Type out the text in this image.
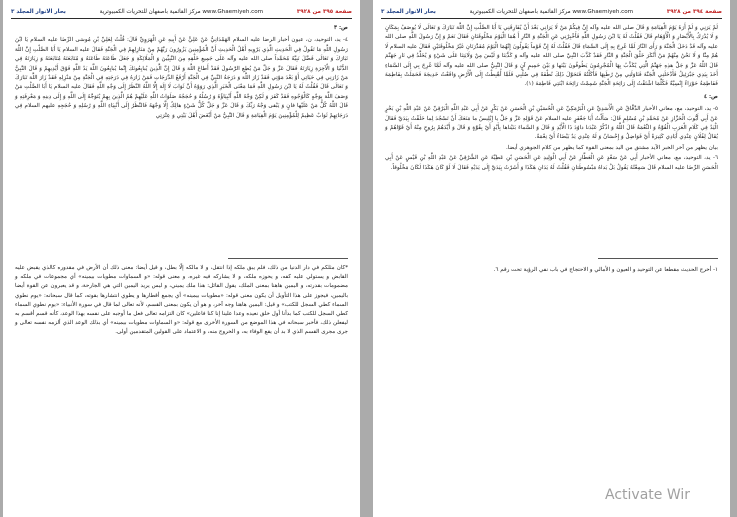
صفحة ٣٩٥ من ٣٩٢٨
www.Ghaemiyeh.com مركز القائمية باصفهان للتحريات الكمبيوترية
بحار الانوار المجلد ٣

ص: ٣

٤- يد، التوحيد، ن، عيون أخبار الرضا عليه السلام الهَمْدَانِيُّ عَنْ عَلِيٍّ عَنْ أَبِيهِ عَنِ الْهَرَوِيِّ قَالَ: قُلْتُ لِعَلِيِّ بْنِ مُوسَى الرِّضَا عليه السلام يَا ابْنَ رَسُولِ اللَّهِ مَا تَقُولُ فِي الْحَدِيثِ الَّذِي يَرْوِيهِ أَهْلُ الْحَدِيثِ أَنَّ الْمُؤْمِنِينَ يَزُورُونَ رَبَّهُمْ مِنْ مَنَازِلِهِمْ فِي الْجَنَّةِ فَقَالَ عليه السلام يَا أَبَا الصَّلْتِ إِنَّ اللَّهَ تَبَارَكَ وَ تَعَالَى فَضَّلَ نَبِيَّهُ مُحَمَّداً صلى الله عليه وآله عَلَى جَمِيعِ خَلْقِهِ مِنَ النَّبِيِّينَ وَ الْمَلَائِكَةِ وَ جَعَلَ طَاعَتَهُ طَاعَتَهُ وَ مُتَابَعَتَهُ مُتَابَعَتَهُ وَ زِيَارَتَهُ فِي الدُّنْيَا وَ الْآخِرَةِ زِيَارَتَهُ فَقَالَ عَزَّ وَ جَلَّ مَنْ يُطِعِ الرَّسُولَ فَقَدْ أَطاعَ اللَّهَ وَ قَالَ إِنَّ الَّذِينَ يُبايِعُونَكَ إِنَّما يُبايِعُونَ اللَّهَ يَدُ اللَّهِ فَوْقَ أَيْدِيهِمْ وَ قَالَ النَّبِيُّ مَنْ زَارَنِي فِي حَيَاتِي أَوْ بَعْدَ مَوْتِي فَقَدْ زَارَ اللَّهَ وَ دَرَجَةُ النَّبِيِّ فِي الْجَنَّةِ أَرْفَعُ الدَّرَجَاتِ فَمَنْ زَارَهُ فِي دَرَجَتِهِ فِي الْجَنَّةِ مِنْ مَنْزِلِهِ فَقَدْ زَارَ اللَّهَ تَبَارَكَ وَ تَعَالَى قَالَ فَقُلْتُ لَهُ يَا ابْنَ رَسُولِ اللَّهِ فَمَا مَعْنَى الْخَبَرِ الَّذِي رَوَوْهُ أَنَّ ثَوَابَ لَا إِلَهَ إِلَّا اللَّهُ النَّظَرُ إِلَى وَجْهِ اللَّهِ فَقَالَ عليه السلام يَا أَبَا الصَّلْتِ مَنْ وَصَفَ اللَّهَ بِوَجْهٍ كَالْوُجُوهِ فَقَدْ كَفَرَ وَ لَكِنْ وَجْهُ اللَّهِ أَنْبِيَاؤُهُ وَ رُسُلُهُ وَ حُجَجُهُ صَلَوَاتُ اللَّهِ عَلَيْهِمْ هُمُ الَّذِينَ بِهِمْ يُتَوَجَّهُ إِلَى اللَّهِ وَ إِلَى دِينِهِ وَ مَعْرِفَتِهِ وَ قَالَ اللَّهُ كُلُّ مَنْ عَلَيْها فانٍ وَ يَبْقى وَجْهُ رَبِّكَ وَ قَالَ عَزَّ وَ جَلَّ كُلُّ شَيْءٍ هالِكٌ إِلَّا وَجْهَهُ فَالنَّظَرُ إِلَى أَنْبِيَاءِ اللَّهِ وَ رُسُلِهِ وَ حُجَجِهِ عليهم السلام فِي دَرَجَاتِهِمْ ثَوَابٌ عَظِيمٌ لِلْمُؤْمِنِينَ يَوْمَ الْقِيَامَةِ وَ قَالَ النَّبِيُّ مَنْ أَبْغَضَ أَهْلَ بَيْتِي وَ عِتْرَتِي

*كان مثلكم في دار الدنيا من ذلك، فلم يبق ملكه إذا انتقل، و لا مالكه إلّا بطل، و قيل أيضا: معنى ذلك أن الأرض في مقدوره كالذي يقبض عليه القابض و يستولي عليه كفه، و يحوزه ملكه، و لا يشاركه فيه غيره، و معنى قوله: «و السماوات مطويات بيمينه» أي مجموعات في ملكه و مضمومات بقدرته، و اليمين هاهنا بمعنى الملك، يقول القائل: هذا ملك يميني، و ليس يريد اليمين التي هي الجارحة، و قد يعبرون عن القوة أيضا باليمين، فيجوز على هذا التأويل أن يكون معنى قوله: «مطويات بيمينه» أي يجمع أقطارها و يطوي انتشارها بقوته، كما قال سبحانه: «يوم نطوي السماء كطي السجل للكتب» و قيل: اليمين هاهنا وجه آخر، و هو أن يكون بمعنى القسم، لأنه تعالى لما قال في سورة الأنبياء: «يوم نطوي السماء كطي السجل للكتب كما بدأنا أول خلق نعيده وعدا علينا إنا كنا فاعلين» كان التزامه تعالى فعل ما أوجبه على نفسه بهذا الوعد، كأنه قسم أقسم به ليفعلن ذلك، فأخبر سبحانه في هذا الموضع من السورة الأخرى مع قوله: «و السماوات مطويات بيمينه» أي بذلك الوعد الذي ألزمه نفسه تعالى و جرى مجرى القسم الذي لا بد أن يقع الوفاء به، و الخروج منه، و الاعتماد على القولين المتقدمين أولى.
صفحة ٣٩٤ من ٣٩٢٨
www.Ghaemiyeh.com مركز القائمية باصفهان للتحريات الكمبيوترية
بحار الانوار المجلد ٣

لَمْ يَرَنِي وَ لَمْ أَرَهُ يَوْمَ الْقِيَامَةِ وَ قَالَ صلى الله عليه وآله إِنَّ فِيكُمْ مَنْ لَا يَرَانِي بَعْدَ أَنْ يُفَارِقَنِي يَا أَبَا الصَّلْتِ إِنَّ اللَّهَ تَبَارَكَ وَ تَعَالَى لَا يُوصَفُ بِمَكَانٍ وَ لَا يُدْرَكُ بِالْأَبْصَارِ وَ الْأَوْهَامِ قَالَ فَقُلْتُ لَهُ يَا ابْنَ رَسُولِ اللَّهِ فَأَخْبِرْنِي عَنِ الْجَنَّةِ وَ النَّارِ أَ هُمَا الْيَوْمَ مَخْلُوقَتَانِ فَقَالَ نَعَمْ وَ إِنَّ رَسُولَ اللَّهِ صلى الله عليه وآله قَدْ دَخَلَ الْجَنَّةَ وَ رَأَى النَّارَ لَمَّا عُرِجَ بِهِ إِلَى السَّمَاءِ قَالَ فَقُلْتُ لَهُ إِنَّ قَوْماً يَقُولُونَ إِنَّهُمَا الْيَوْمَ مُقَدَّرَتَانِ غَيْرُ مَخْلُوقَتَيْنِ فَقَالَ عليه السلام لَا هُمْ مِنَّا وَ لَا نَحْنُ مِنْهُمْ مَنْ أَنْكَرَ خَلْقَ الْجَنَّةِ وَ النَّارِ فَقَدْ كَذَّبَ النَّبِيَّ صلى الله عليه وآله وَ كَذَّبَنَا وَ لَيْسَ مِنْ وَلَايَتِنَا عَلَى شَيْءٍ وَ يُخَلَّدُ فِي نَارِ جَهَنَّمَ قَالَ اللَّهُ عَزَّ وَ جَلَّ هذِهِ جَهَنَّمُ الَّتِي يُكَذِّبُ بِهَا الْمُجْرِمُونَ يَطُوفُونَ بَيْنَها وَ بَيْنَ حَمِيمٍ آنٍ وَ قَالَ النَّبِيُّ صلى الله عليه وآله لَمَّا عُرِجَ بِي إِلَى السَّمَاءِ أَخَذَ بِيَدِي جَبْرَئِيلُ فَأَدْخَلَنِي الْجَنَّةَ فَنَاوَلَنِي مِنْ رُطَبِهَا فَأَكَلْتُهُ فَتَحَوَّلَ ذَلِكَ نُطْفَةً فِي صُلْبِي فَلَمَّا أُهْبِطْتُ إِلَى الْأَرْضِ وَاقَعْتُ خَدِيجَةَ فَحَمَلَتْ بِفَاطِمَةَ فَفَاطِمَةُ حَوْرَاءُ إِنْسِيَّةٌ فَكُلَّمَا اشْتَقْتُ إِلَى رَائِحَةِ الْجَنَّةِ شَمِمْتُ رَائِحَةَ ابْنَتِي فَاطِمَةَ (١).

ص: ٤

٥- يد، التوحيد، مع، معاني الأخبار الدَّقَّاقُ عَنِ الْأَسَدِيِّ عَنِ الْبَرْمَكِيِّ عَنِ الْحُسَيْنِ بْنِ الْحَسَنِ عَنْ بَكْرٍ عَنْ أَبِي عَبْدِ اللَّهِ الْبَرْقِيِّ عَنْ عَبْدِ اللَّهِ بْنِ بَحْرٍ عَنْ أَبِي أَيُّوبَ الْخَزَّازِ عَنْ مُحَمَّدِ بْنِ مُسْلِمٍ قَالَ: سَأَلْتُ أَبَا جَعْفَرٍ عليه السلام عَنْ قَوْلِهِ عَزَّ وَ جَلَّ يا إِبْلِيسُ ما مَنَعَكَ أَنْ تَسْجُدَ لِما خَلَقْتُ بِيَدَيَّ فَقَالَ الْيَدُ فِي كَلَامِ الْعَرَبِ الْقُوَّةُ وَ النِّعْمَةُ قَالَ اللَّهُ وَ اذْكُرْ عَبْدَنا داوُدَ ذَا الْأَيْدِ وَ قَالَ وَ السَّماءَ بَنَيْناها بِأَيْدٍ أَيْ بِقُوَّةٍ وَ قَالَ وَ أَيَّدَهُمْ بِرُوحٍ مِنْهُ أَيْ قَوَّاهُمْ وَ يُقَالُ لِفُلَانٍ عِنْدِي أَيَادِي كَثِيرَةٌ أَيْ فَوَاضِلُ وَ إِحْسَانٌ وَ لَهُ عِنْدِي يَدٌ بَيْضَاءُ أَيْ نِعْمَةٌ.

بيان يظهر من آخر الخبر الآيد مشتق من اليد بمعنى القوة كما يظهر من كلام الجوهري أيضا.

٦- يد، التوحيد، مع، معاني الأخبار أَبِي عَنْ سَعْدٍ عَنِ الْعَطَّارِ عَنْ أَبِي الْوَلِيدِ عَنِ الْحَسَنِ بْنِ عَطِيَّةَ عَنِ الشَّرْقِيِّ عَنْ عَبْدِ اللَّهِ بْنِ قَيْسٍ عَنْ أَبِي الْحَسَنِ الرِّضَا عليه السلام قَالَ سَمِعْتُهُ يَقُولُ بَلْ يَداهُ مَبْسُوطَتانِ فَقُلْتُ لَهُ يَدَانِ هَكَذَا وَ أَشَرْتُ بِيَدَيَّ إِلَى يَدَيْهِ فَقَالَ لَا لَوْ كَانَ هَكَذَا لَكَانَ مَخْلُوقاً.

١- أخرج الحديث مقطعا عن التوحيد و العيون و الأمالي و الاحتجاج في باب نفي الرؤية تحت رقم ٦.
Activate Wir
